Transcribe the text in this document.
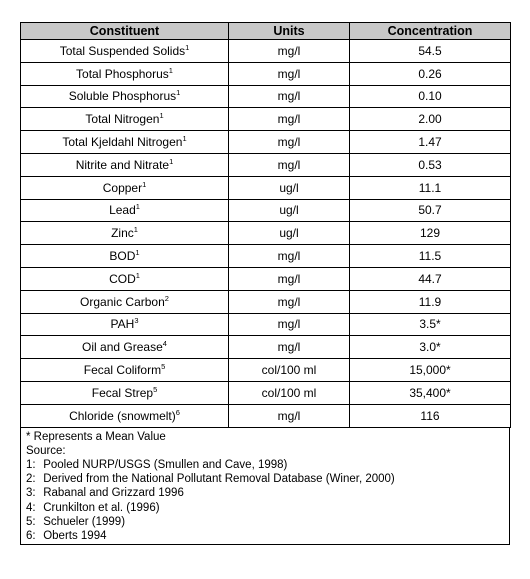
Constituent	Units	Concentration
Total Suspended Solids$^1$	mg/l	54.5
Total Phosphorus$^1$	mg/l	0.26
Soluble Phosphorus$^1$	mg/l	0.10
Total Nitrogen$^1$	mg/l	2.00
Total Kjeldahl Nitrogen$^1$	mg/l	1.47
Nitrite and Nitrate$^1$	mg/l	0.53
Copper$^1$	ug/l	11.1
Lead$^1$	ug/l	50.7
Zinc$^1$	ug/l	129
BOD$^1$	mg/l	11.5
COD$^1$	mg/l	44.7
Organic Carbon$^2$	mg/l	11.9
PAH$^3$	mg/l	3.5*
Oil and Grease$^4$	mg/l	3.0*
Fecal Coliform$^5$	col/100 ml	15,000*
Fecal Strep$^5$	col/100 ml	35,400*
Chloride (snowmelt)$^6$	mg/l	116
* Represents a Mean Value
Source:
1: Pooled NURP/USGS (Smullen and Cave, 1998)
2: Derived from the National Pollutant Removal Database (Winer, 2000)
3: Rabanal and Grizzard 1996
4: Crunkilton et al. (1996)
5: Schueler (1999)
6: Oberts 1994
